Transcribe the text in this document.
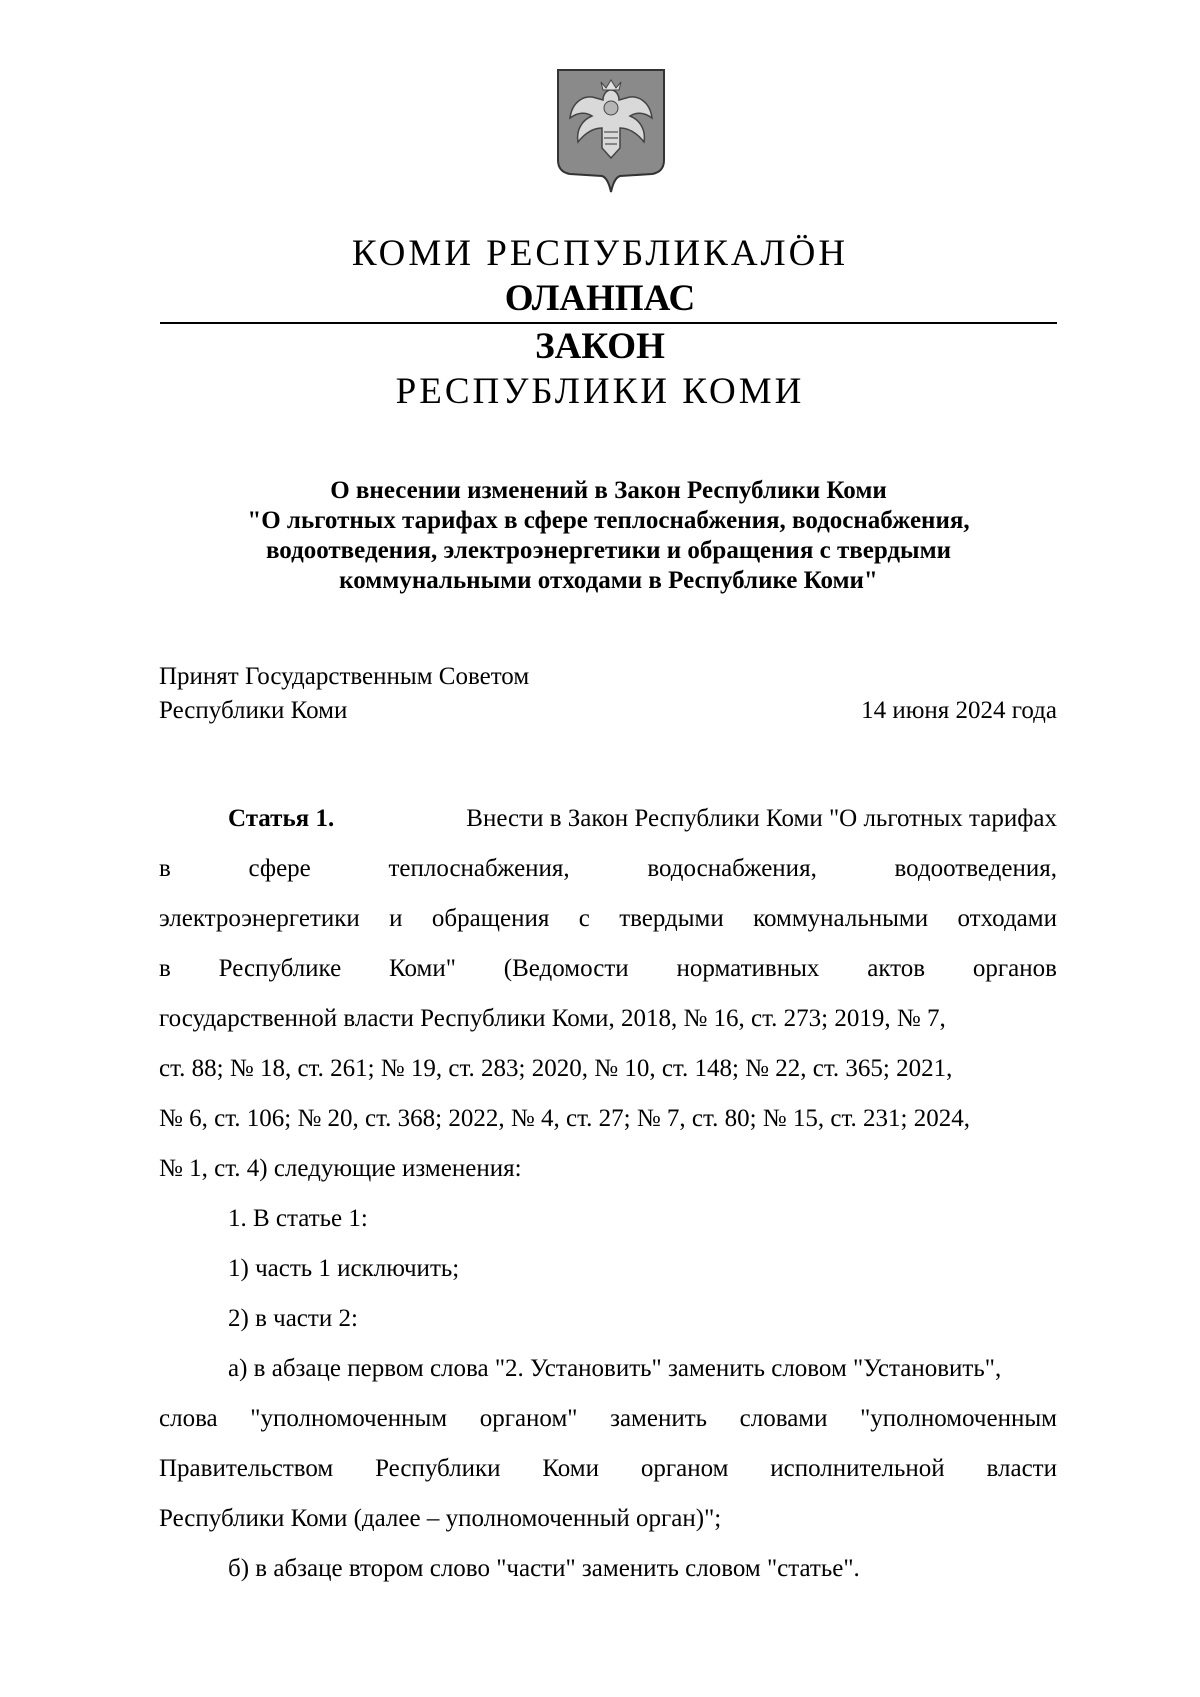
КОМИ РЕСПУБЛИКАЛÖН
ОЛАНПАС
ЗАКОН
РЕСПУБЛИКИ КОМИ
О внесении изменений в Закон Республики Коми
"О льготных тарифах в сфере теплоснабжения, водоснабжения,
водоотведения, электроэнергетики и обращения с твердыми
коммунальными отходами в Республике Коми"
Принят Государственным Советом
Республики Коми	14 июня 2024 года
Статья 1.	Внести в Закон Республики Коми "О льготных тарифах
в	сфере	теплоснабжения,	водоснабжения,	водоотведения,
электроэнергетики и обращения с твердыми коммунальными отходами
в Республике Коми" (Ведомости нормативных актов органов
государственной власти Республики Коми, 2018, № 16, ст. 273; 2019, № 7,
ст. 88; № 18, ст. 261; № 19, ст. 283; 2020, № 10, ст. 148; № 22, ст. 365; 2021,
№ 6, ст. 106; № 20, ст. 368; 2022, № 4, ст. 27; № 7, ст. 80; № 15, ст. 231; 2024,
№ 1, ст. 4) следующие изменения:
1. В статье 1:
1) часть 1 исключить;
2) в части 2:
а) в абзаце первом слова "2. Установить" заменить словом "Установить",
слова "уполномоченным органом" заменить словами "уполномоченным
Правительством Республики Коми органом исполнительной власти
Республики Коми (далее – уполномоченный орган)";
б) в абзаце втором слово "части" заменить словом "статье".
